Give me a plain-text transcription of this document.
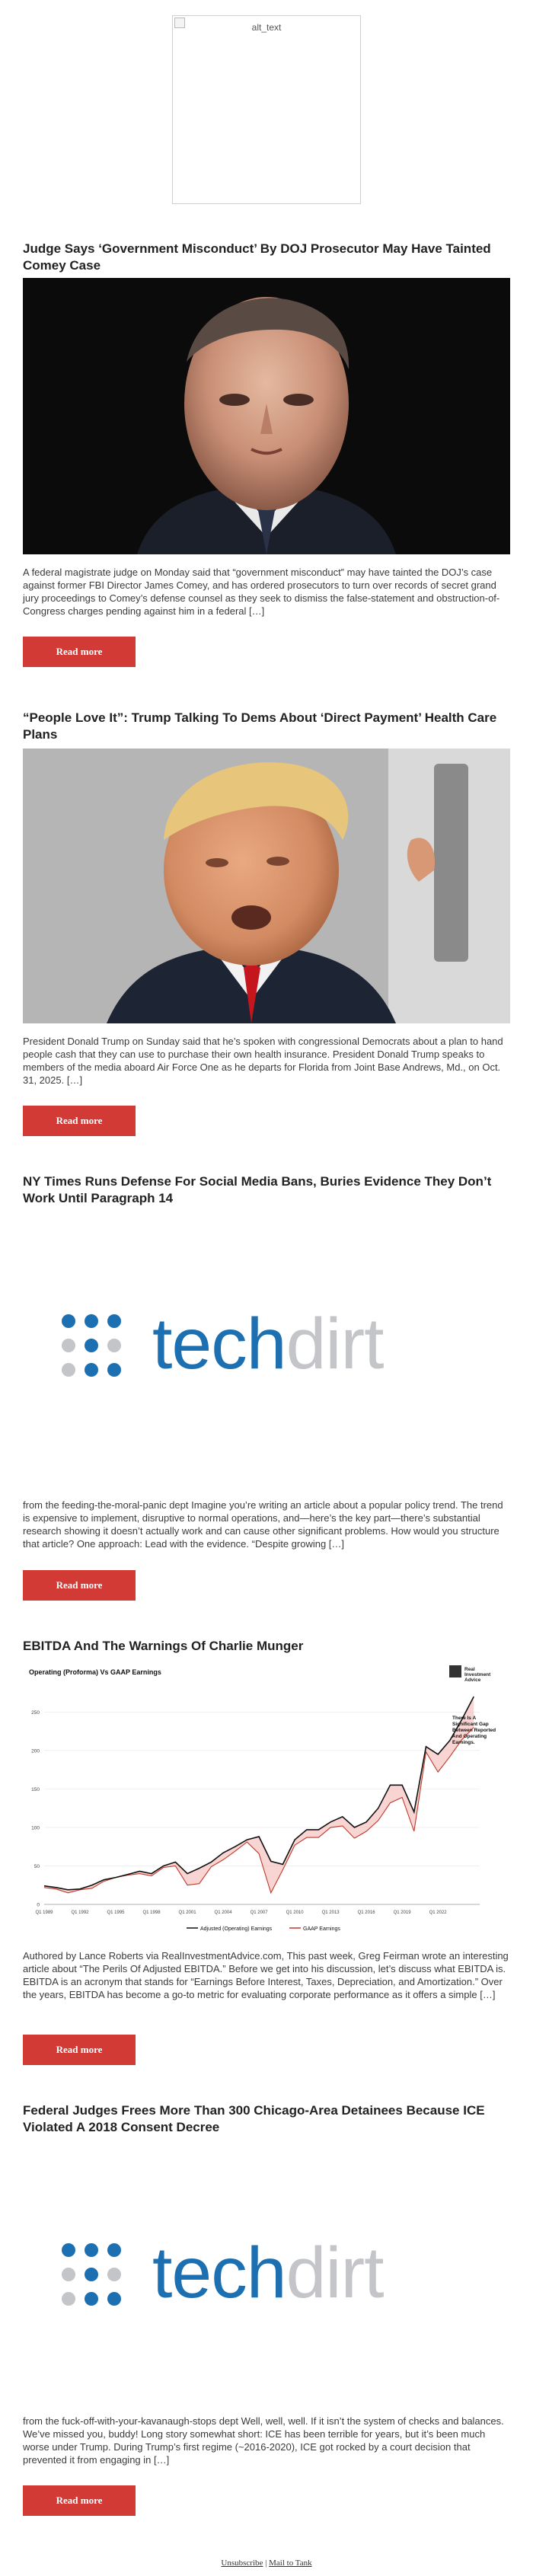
alt_text
Judge Says ‘Government Misconduct’ By DOJ Prosecutor May Have Tainted Comey Case

A federal magistrate judge on Monday said that “government misconduct” may have tainted the DOJ’s case against former FBI Director James Comey, and has ordered prosecutors to turn over records of secret grand jury proceedings to Comey’s defense counsel as they seek to dismiss the false-statement and obstruction-of-Congress charges pending against him in a federal […]

Read more
“People Love It”: Trump Talking To Dems About ‘Direct Payment’ Health Care Plans

President Donald Trump on Sunday said that he’s spoken with congressional Democrats about a plan to hand people cash that they can use to purchase their own health insurance. President Donald Trump speaks to members of the media aboard Air Force One as he departs for Florida from Joint Base Andrews, Md., on Oct. 31, 2025. […]

Read more
NY Times Runs Defense For Social Media Bans, Buries Evidence They Don’t Work Until Paragraph 14
techdirt

from the feeding-the-moral-panic dept Imagine you’re writing an article about a popular policy trend. The trend is expensive to implement, disruptive to normal operations, and—here’s the key part—there’s substantial research showing it doesn’t actually work and can cause other significant problems. How would you structure that article? One approach: Lead with the evidence. “Despite growing […]

Read more
EBITDA And The Warnings Of Charlie Munger
Operating (Proforma) Vs GAAP Earnings	Real
Investment
Advice
0
50
100
150
200
250
Q1 1989	Q1 1992	Q1 1995	Q1 1998	Q1 2001	Q1 2004	Q1 2007	Q1 2010	Q1 2013	Q1 2016	Q1 2019	Q1 2022
There Is A
Significant Gap
Between Reported
And Operating
Earnings.
Adjusted (Operating) Earnings	GAAP Earnings

Authored by Lance Roberts via RealInvestmentAdvice.com, This past week, Greg Feirman wrote an interesting article about “The Perils Of Adjusted EBITDA.” Before we get into his discussion, let’s discuss what EBITDA is. EBITDA is an acronym that stands for “Earnings Before Interest, Taxes, Depreciation, and Amortization.” Over the years, EBITDA has become a go-to metric for evaluating corporate performance as it offers a simple […]

Read more
Federal Judges Frees More Than 300 Chicago-Area Detainees Because ICE Violated A 2018 Consent Decree
techdirt

from the fuck-off-with-your-kavanaugh-stops dept Well, well, well. If it isn’t the system of checks and balances. We’ve missed you, buddy! Long story somewhat short: ICE has been terrible for years, but it’s been much worse under Trump. During Trump’s first regime (~2016-2020), ICE got rocked by a court decision that prevented it from engaging in […]

Read more
Unsubscribe | Mail to Tank
